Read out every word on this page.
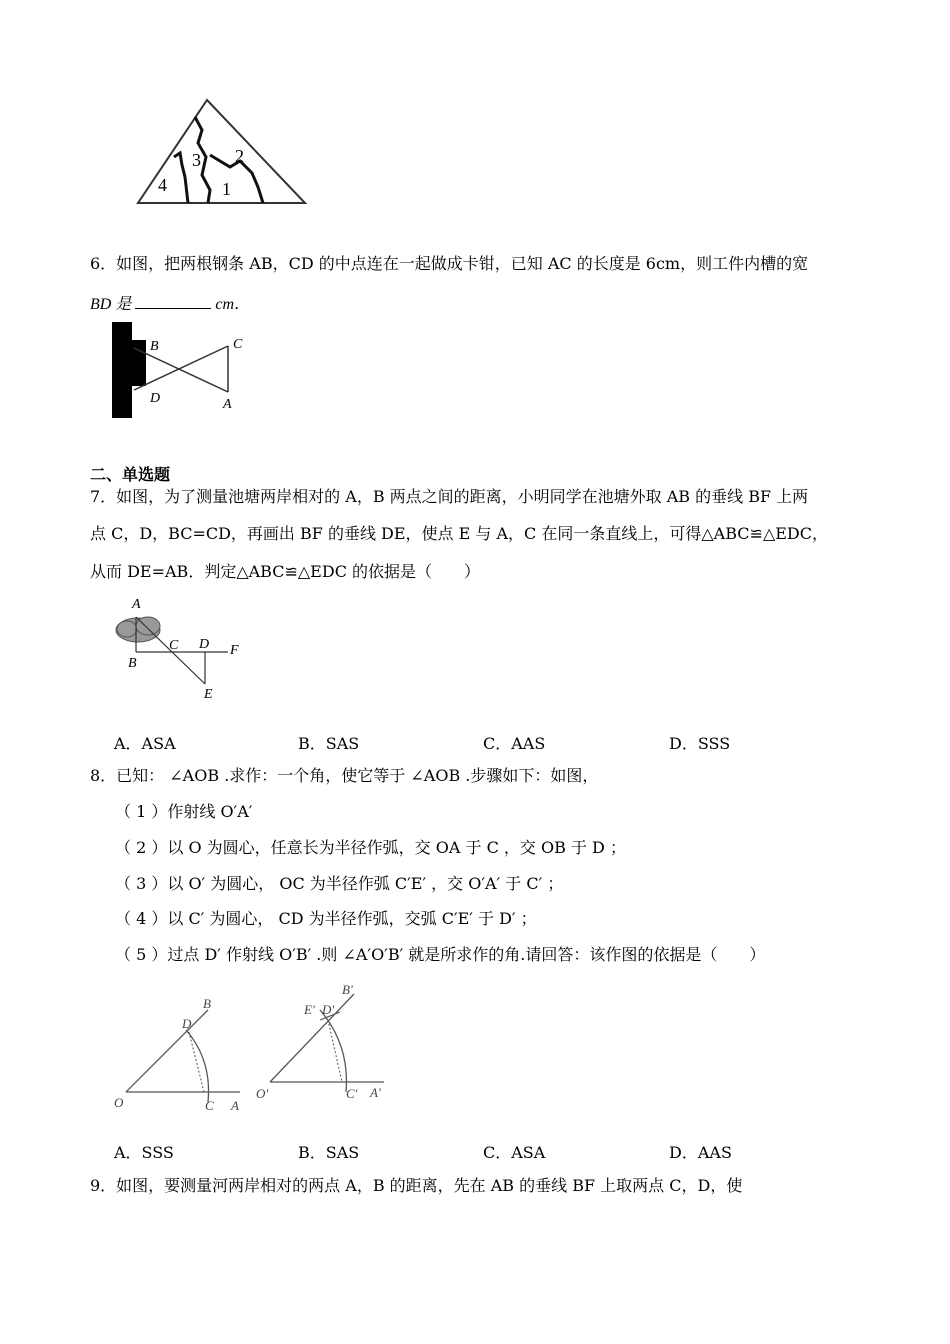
3 2
4	1
6．如图，把两根钢条 AB，CD 的中点连在一起做成卡钳，已知 AC 的长度是 6cm，则工件内槽的宽
BD 是	cm．
B	C
D	A
二、单选题
7．如图，为了测量池塘两岸相对的 A，B 两点之间的距离，小明同学在池塘外取 AB 的垂线 BF 上两
点 C，D，BC=CD，再画出 BF 的垂线 DE，使点 E 与 A，C 在同一条直线上，可得△ABC≌△EDC，
从而 DE=AB．判定△ABC≌△EDC 的依据是（　　）
A
C D F
B
E
A．ASA	B．SAS	C．AAS	D．SSS
8．已知： ∠AOB .求作：一个角，使它等于 ∠AOB .步骤如下：如图，
（ 1 ）作射线 O′A′
（ 2 ）以 O 为圆心，任意长为半径作弧，交 OA 于 C ，交 OB 于 D ；
（ 3 ）以 O′ 为圆心， OC 为半径作弧 C′E′ ，交 O′A′ 于 C′ ；
（ 4 ）以 C′ 为圆心， CD 为半径作弧，交弧 C′E′ 于 D′ ；
（ 5 ）过点 D′ 作射线 O′B′ .则 ∠A′O′B′ 就是所求作的角.请回答：该作图的依据是（　　）
B
D
O	C A
B'
E' D'
O'	C' A'
A．SSS	B．SAS	C．ASA	D．AAS
9．如图，要测量河两岸相对的两点 A，B 的距离，先在 AB 的垂线 BF 上取两点 C，D，使
